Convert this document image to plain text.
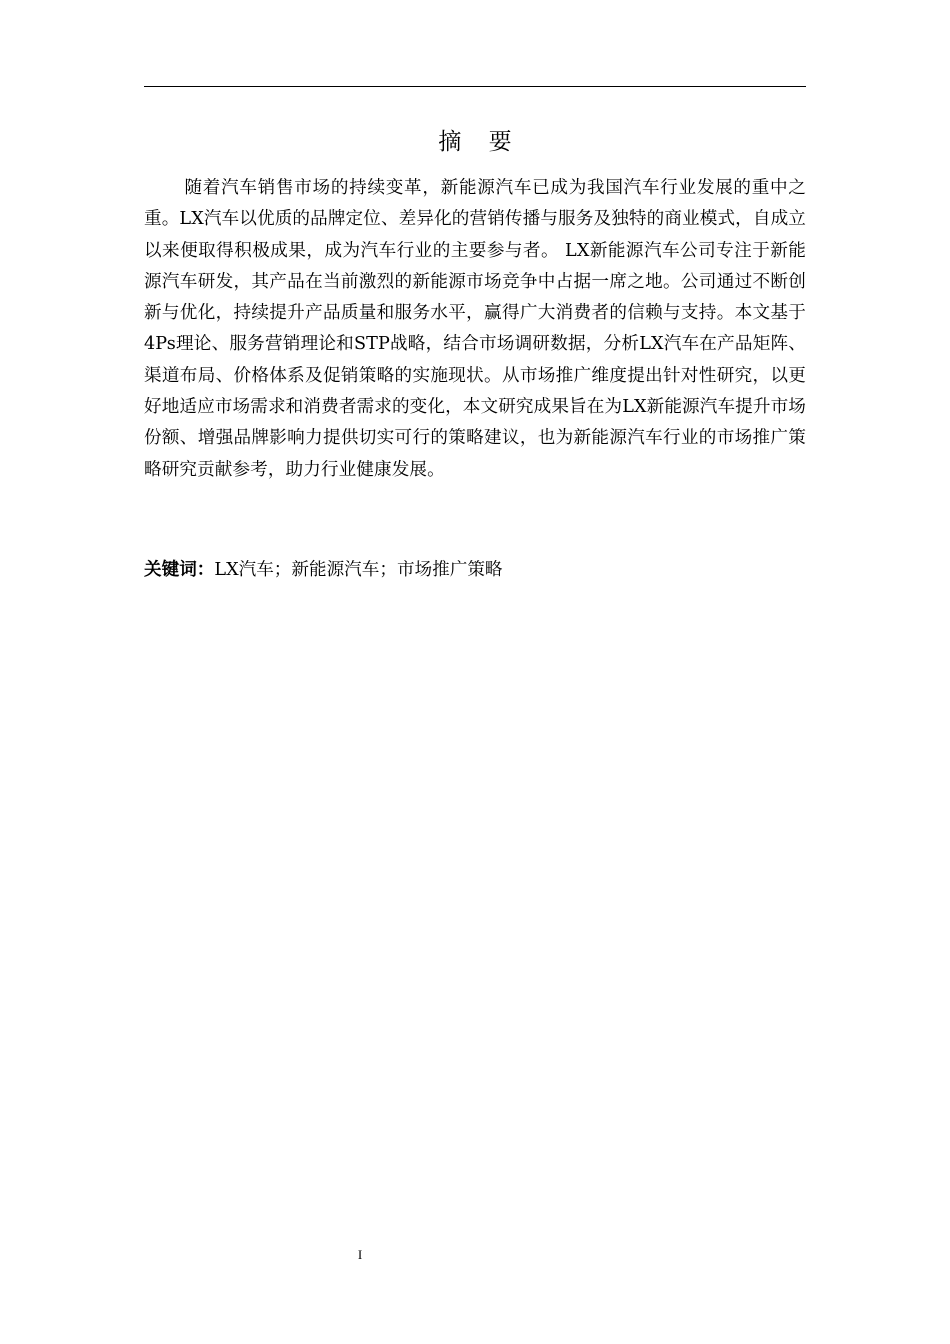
摘 要

随着汽车销售市场的持续变革，新能源汽车已成为我国汽车行业发展的重中之重。LX汽车以优质的品牌定位、差异化的营销传播与服务及独特的商业模式，自成立以来便取得积极成果，成为汽车行业的主要参与者。 LX新能源汽车公司专注于新能源汽车研发，其产品在当前激烈的新能源市场竞争中占据一席之地。公司通过不断创新与优化，持续提升产品质量和服务水平，赢得广大消费者的信赖与支持。本文基于4Ps理论、服务营销理论和STP战略，结合市场调研数据，分析LX汽车在产品矩阵、渠道布局、价格体系及促销策略的实施现状。从市场推广维度提出针对性研究，以更好地适应市场需求和消费者需求的变化，本文研究成果旨在为LX新能源汽车提升市场份额、增强品牌影响力提供切实可行的策略建议，也为新能源汽车行业的市场推广策略研究贡献参考，助力行业健康发展。

关键词：LX汽车；新能源汽车；市场推广策略

I
